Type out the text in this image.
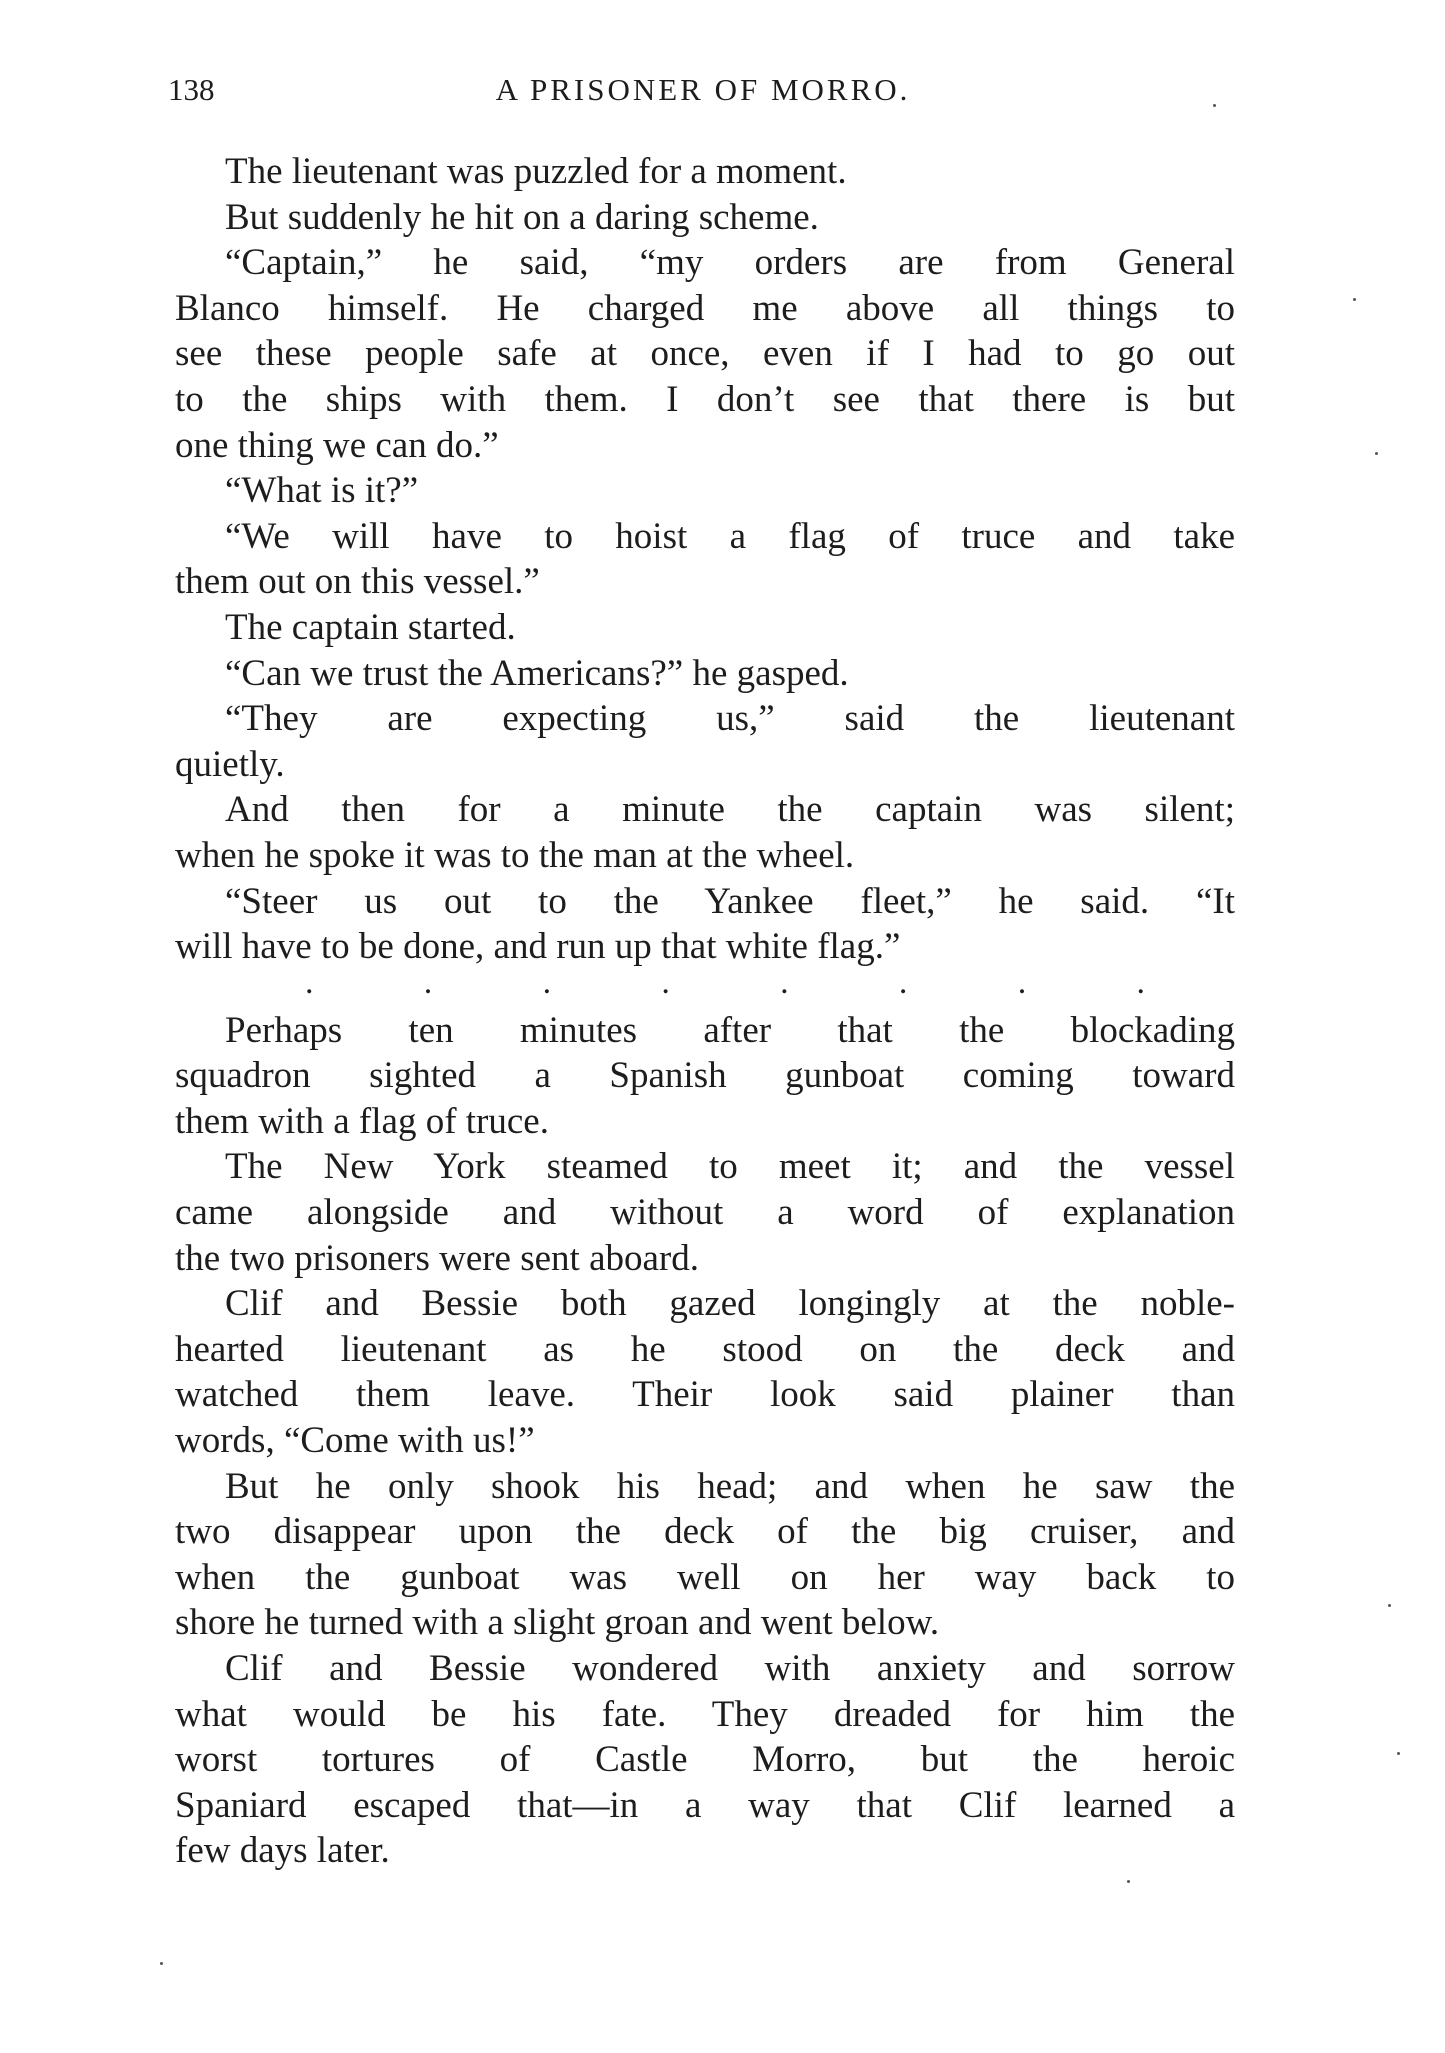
138	A PRISONER OF MORRO.
The lieutenant was puzzled for a moment.
But suddenly he hit on a daring scheme.
“Captain,” he said, “my orders are from General
Blanco himself. He charged me above all things to
see these people safe at once, even if I had to go out
to the ships with them. I don’t see that there is but
one thing we can do.”
“What is it?”
“We will have to hoist a flag of truce and take
them out on this vessel.”
The captain started.
“Can we trust the Americans?” he gasped.
“They are expecting us,” said the lieutenant
quietly.
And then for a minute the captain was silent;
when he spoke it was to the man at the wheel.
“Steer us out to the Yankee fleet,” he said. “It
will have to be done, and run up that white flag.”
.	.	.	.	.	.	.	.
Perhaps ten minutes after that the blockading
squadron sighted a Spanish gunboat coming toward
them with a flag of truce.
The New York steamed to meet it; and the vessel
came alongside and without a word of explanation
the two prisoners were sent aboard.
Clif and Bessie both gazed longingly at the noble-
hearted lieutenant as he stood on the deck and
watched them leave. Their look said plainer than
words, “Come with us!”
But he only shook his head; and when he saw the
two disappear upon the deck of the big cruiser, and
when the gunboat was well on her way back to
shore he turned with a slight groan and went below.
Clif and Bessie wondered with anxiety and sorrow
what would be his fate. They dreaded for him the
worst tortures of Castle Morro, but the heroic
Spaniard escaped that—in a way that Clif learned a
few days later.
